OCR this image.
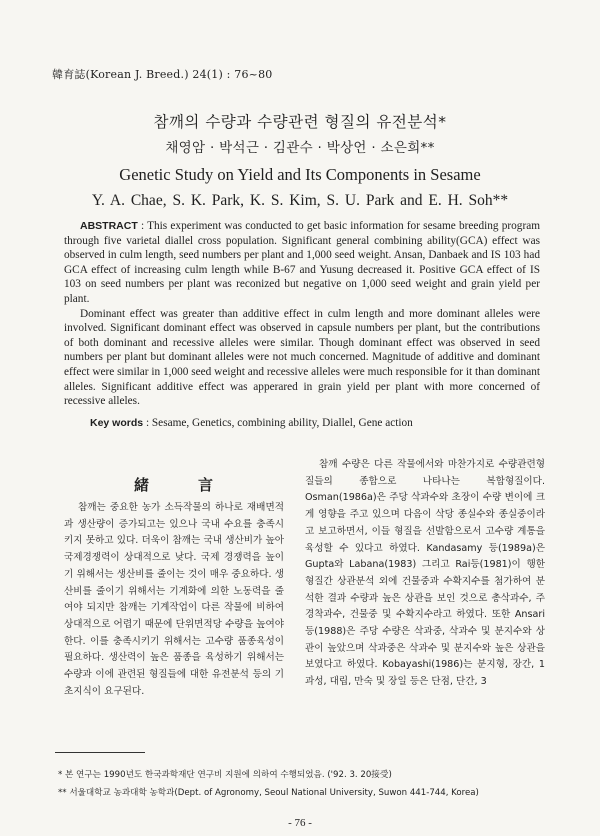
韓育誌(Korean J. Breed.) 24(1) : 76~80
참깨의 수량과 수량관련 형질의 유전분석*
채영암 · 박석근 · 김관수 · 박상언 · 소은희**
Genetic Study on Yield and Its Components in Sesame
Y. A. Chae, S. K. Park, K. S. Kim, S. U. Park and E. H. Soh**

ABSTRACT : This experiment was conducted to get basic information for sesame breeding program through five varietal diallel cross population. Significant general combining ability(GCA) effect was observed in culm length, seed numbers per plant and 1,000 seed weight. Ansan, Danbaek and IS 103 had GCA effect of increasing culm length while B-67 and Yusung decreased it. Positive GCA effect of IS 103 on seed numbers per plant was reconized but negative on 1,000 seed weight and grain yield per plant.

Dominant effect was greater than additive effect in culm length and more dominant alleles were involved. Significant dominant effect was observed in capsule numbers per plant, but the contributions of both dominant and recessive alleles were similar. Though dominant effect was observed in seed numbers per plant but dominant alleles were not much concerned. Magnitude of additive and dominant effect were similar in 1,000 seed weight and recessive alleles were much responsible for it than dominant alleles. Significant additive effect was apperared in grain yield per plant with more concerned of recessive alleles.

Key words : Sesame, Genetics, combining ability, Diallel, Gene action
緒	言
참깨는 중요한 농가 소득작물의 하나로 재배면적과 생산량이 증가되고는 있으나 국내 수요를 충족시키지 못하고 있다. 더욱이 참깨는 국내 생산비가 높아 국제경쟁력이 상대적으로 낮다. 국제 경쟁력을 높이기 위해서는 생산비를 줄이는 것이 매우 중요하다. 생산비를 줄이기 위해서는 기계화에 의한 노동력을 줄여야 되지만 참깨는 기계작업이 다른 작물에 비하여 상대적으로 어렵기 때문에 단위면적당 수량을 높여야 한다. 이를 충족시키기 위해서는 고수량 품종육성이 필요하다. 생산력이 높은 품종을 육성하기 위해서는 수량과 이에 관련된 형질들에 대한 유전분석 등의 기초지식이 요구된다.
참깨 수량은 다른 작물에서와 마찬가지로 수량관련형질들의 종합으로 나타나는 복합형질이다. Osman(1986a)은 주당 삭과수와 초장이 수량 변이에 크게 영향을 주고 있으며 다음이 삭당 종실수와 종실중이라고 보고하면서, 이들 형질을 선발함으로서 고수량 계통을 육성할 수 있다고 하였다. Kandasamy 등(1989a)은 Gupta와 Labana(1983) 그리고 Rai등(1981)이 행한 형질간 상관분석 외에 건물중과 수확지수를 첨가하여 분석한 결과 수량과 높은 상관을 보인 것으로 총삭과수, 주경착과수, 건물중 및 수확지수라고 하였다. 또한 Ansari 등(1988)은 주당 수량은 삭과중, 삭과수 및 분지수와 상관이 높았으며 삭과중은 삭과수 및 분지수와 높은 상관을 보였다고 하였다. Kobayashi(1986)는 분지형, 장간, 1과성, 대립, 만숙 및 장일 등은 단점, 단간, 3
* 본 연구는 1990년도 한국과학재단 연구비 지원에 의하여 수행되었음. ('92. 3. 20接受)
** 서울대학교 농과대학 농학과(Dept. of Agronomy, Seoul National University, Suwon 441-744, Korea)
- 76 -
